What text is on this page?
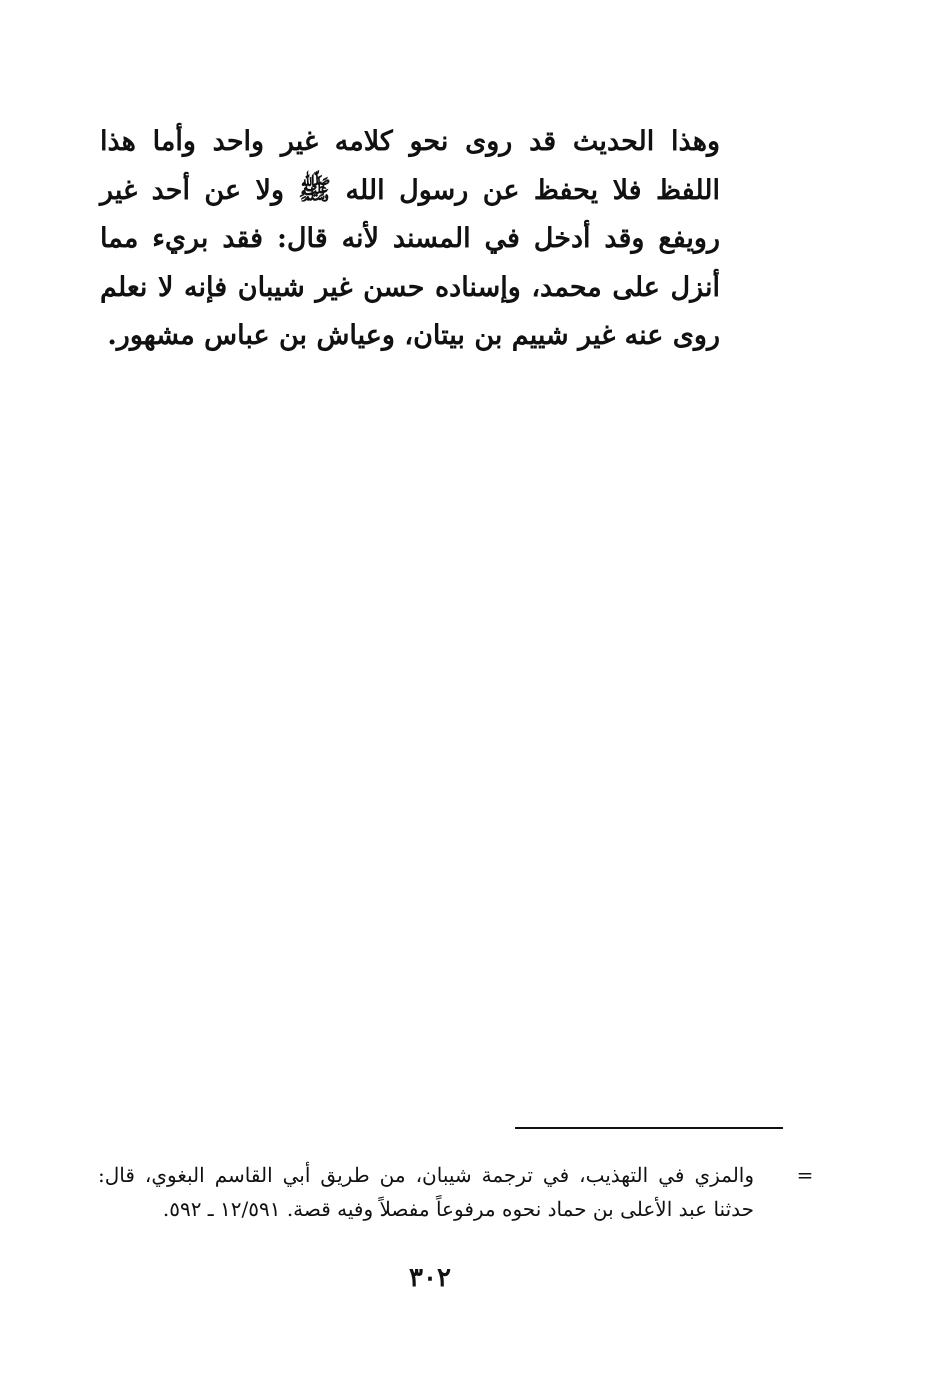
وهذا الحديث قد روى نحو كلامه غير واحد وأما هذا اللفظ فلا يحفظ عن رسول الله ﷺ ولا عن أحد غير رويفع وقد أدخل في المسند لأنه قال: فقد بريء مما أنزل على محمد، وإسناده حسن غير شيبان فإنه لا نعلم روى عنه غير شييم بن بيتان، وعياش بن عباس مشهور.

=
والمزي في التهذيب، في ترجمة شيبان، من طريق أبي القاسم البغوي، قال: حدثنا عبد الأعلى بن حماد نحوه مرفوعاً مفصلاً وفيه قصة. ١٢/٥٩١ ـ ٥٩٢.
٣٠٢
